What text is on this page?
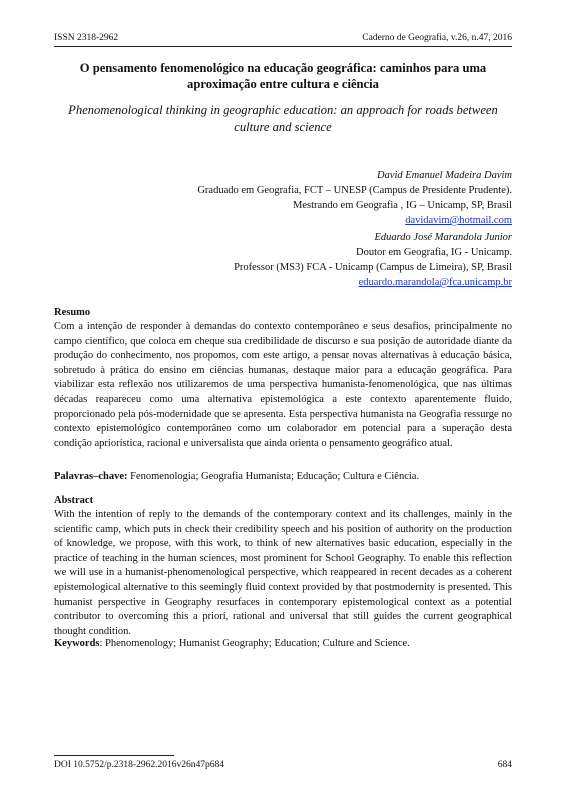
ISSN 2318-2962	Caderno de Geografia, v.26, n.47, 2016
O pensamento fenomenológico na educação geográfica: caminhos para uma aproximação entre cultura e ciência
Phenomenological thinking in geographic education: an approach for roads between culture and science
David Emanuel Madeira Davim
Graduado em Geografia, FCT – UNESP (Campus de Presidente Prudente).
Mestrando em Geografia , IG – Unicamp, SP, Brasil
davidavim@hotmail.com
Eduardo José Marandola Junior
Doutor em Geografia, IG - Unicamp.
Professor (MS3) FCA - Unicamp (Campus de Limeira), SP, Brasil
eduardo.marandola@fca.unicamp.br
Resumo
Com a intenção de responder à demandas do contexto contemporâneo e seus desafios, principalmente no campo científico, que coloca em cheque sua credibilidade de discurso e sua posição de autoridade diante da produção do conhecimento, nos propomos, com este artigo, a pensar novas alternativas à educação básica, sobretudo à prática do ensino em ciências humanas, destaque maior para a educação geográfica. Para viabilizar esta reflexão nos utilizaremos de uma perspectiva humanista-fenomenológica, que nas últimas décadas reapareceu como uma alternativa epistemológica a este contexto aparentemente fluido, proporcionado pela pós-modernidade que se apresenta. Esta perspectiva humanista na Geografia ressurge no contexto epistemológico contemporâneo como um colaborador em potencial para a superação desta condição apriorística, racional e universalista que ainda orienta o pensamento geográfico atual.
Palavras–chave: Fenomenologia; Geografia Humanista; Educação; Cultura e Ciência.
Abstract
With the intention of reply to the demands of the contemporary context and its challenges, mainly in the scientific camp, which puts in check their credibility speech and his position of authority on the production of knowledge, we propose, with this work, to think of new alternatives basic education, especially in the practice of teaching in the human sciences, most prominent for School Geography. To enable this reflection we will use in a humanist-phenomenological perspective, which reappeared in recent decades as a coherent epistemological alternative to this seemingly fluid context provided by that postmodernity is presented. This humanist perspective in Geography resurfaces in contemporary epistemological context as a potential contributor to overcoming this a priori, rational and universal that still guides the current geographical thought condition.
Keywords: Phenomenology; Humanist Geography; Education; Culture and Science.
DOI 10.5752/p.2318-2962.2016v26n47p684	684
